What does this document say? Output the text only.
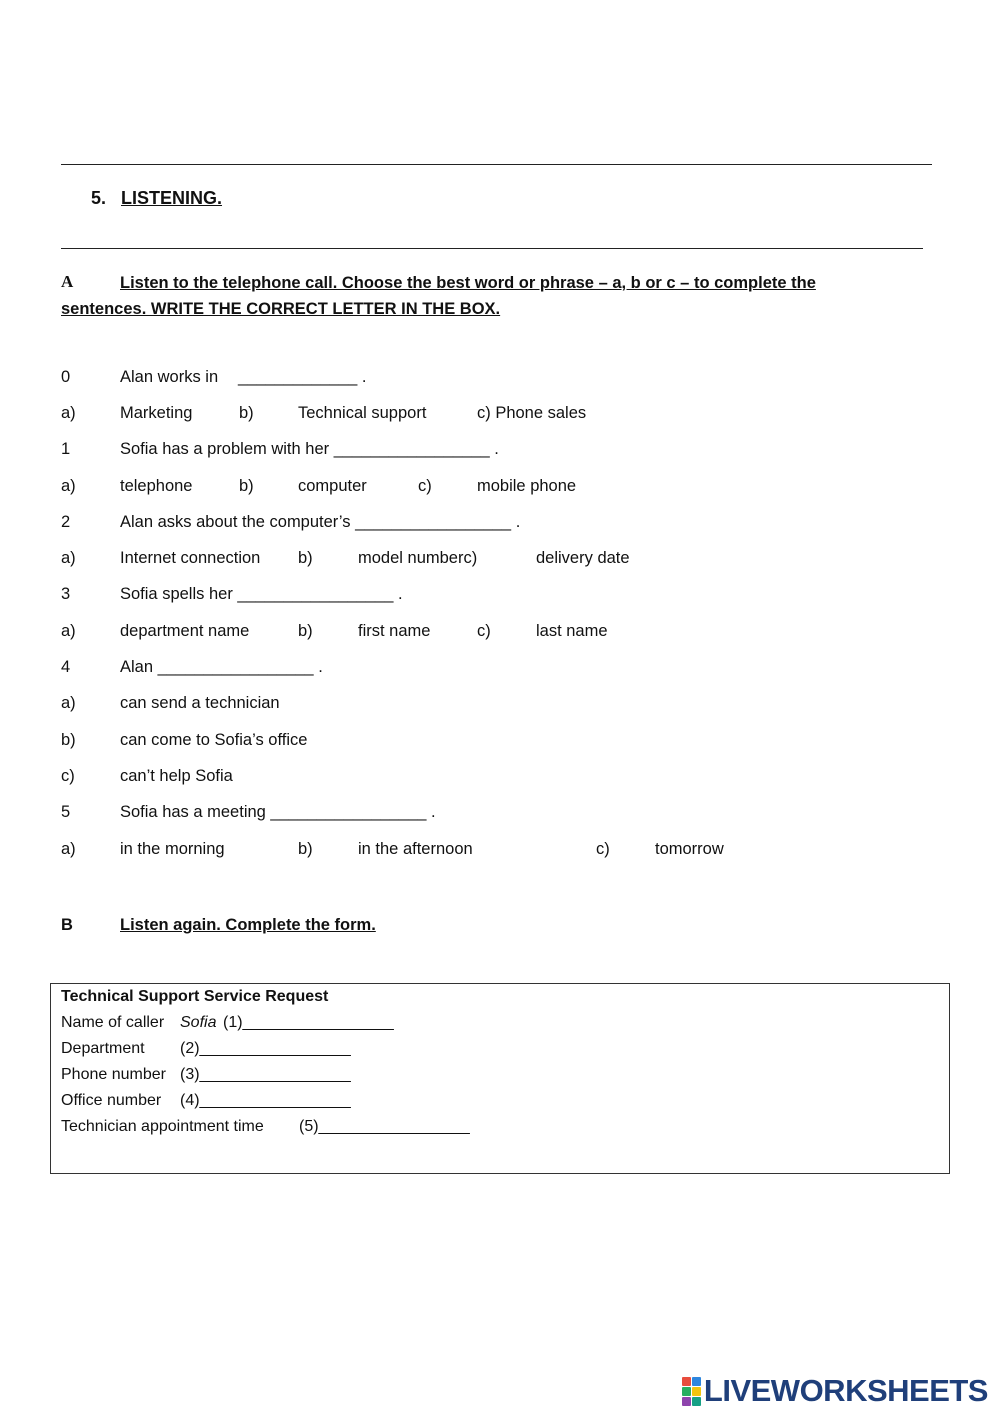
5. LISTENING.
A	Listen to the telephone call. Choose the best word or phrase – a, b or c – to complete the sentences. WRITE THE CORRECT LETTER IN THE BOX.
0	Alan works in _____________ .
a)	Marketing	b)	Technical support	c) Phone sales
1	Sofia has a problem with her _________________ .
a)	telephone	b)	computer	c)	mobile phone
2	Alan asks about the computer’s _________________ .
a)	Internet connection b)	model numberc)	delivery date
3	Sofia spells her _________________ .
a)	department name	b)	first name	c)	last name
4	Alan _________________ .
a)	can send a technician
b)	can come to Sofia’s office
c)	can’t help Sofia
5	Sofia has a meeting _________________ .
a)	in the morning	b)	in the afternoon	c)	tomorrow
B	Listen again. Complete the form.
Technical Support Service Request
Name of caller Sofia (1)_________________
Department (2)_________________
Phone number (3)_________________
Office number (4)_________________
Technician appointment time (5)_________________
LIVEWORKSHEETS
